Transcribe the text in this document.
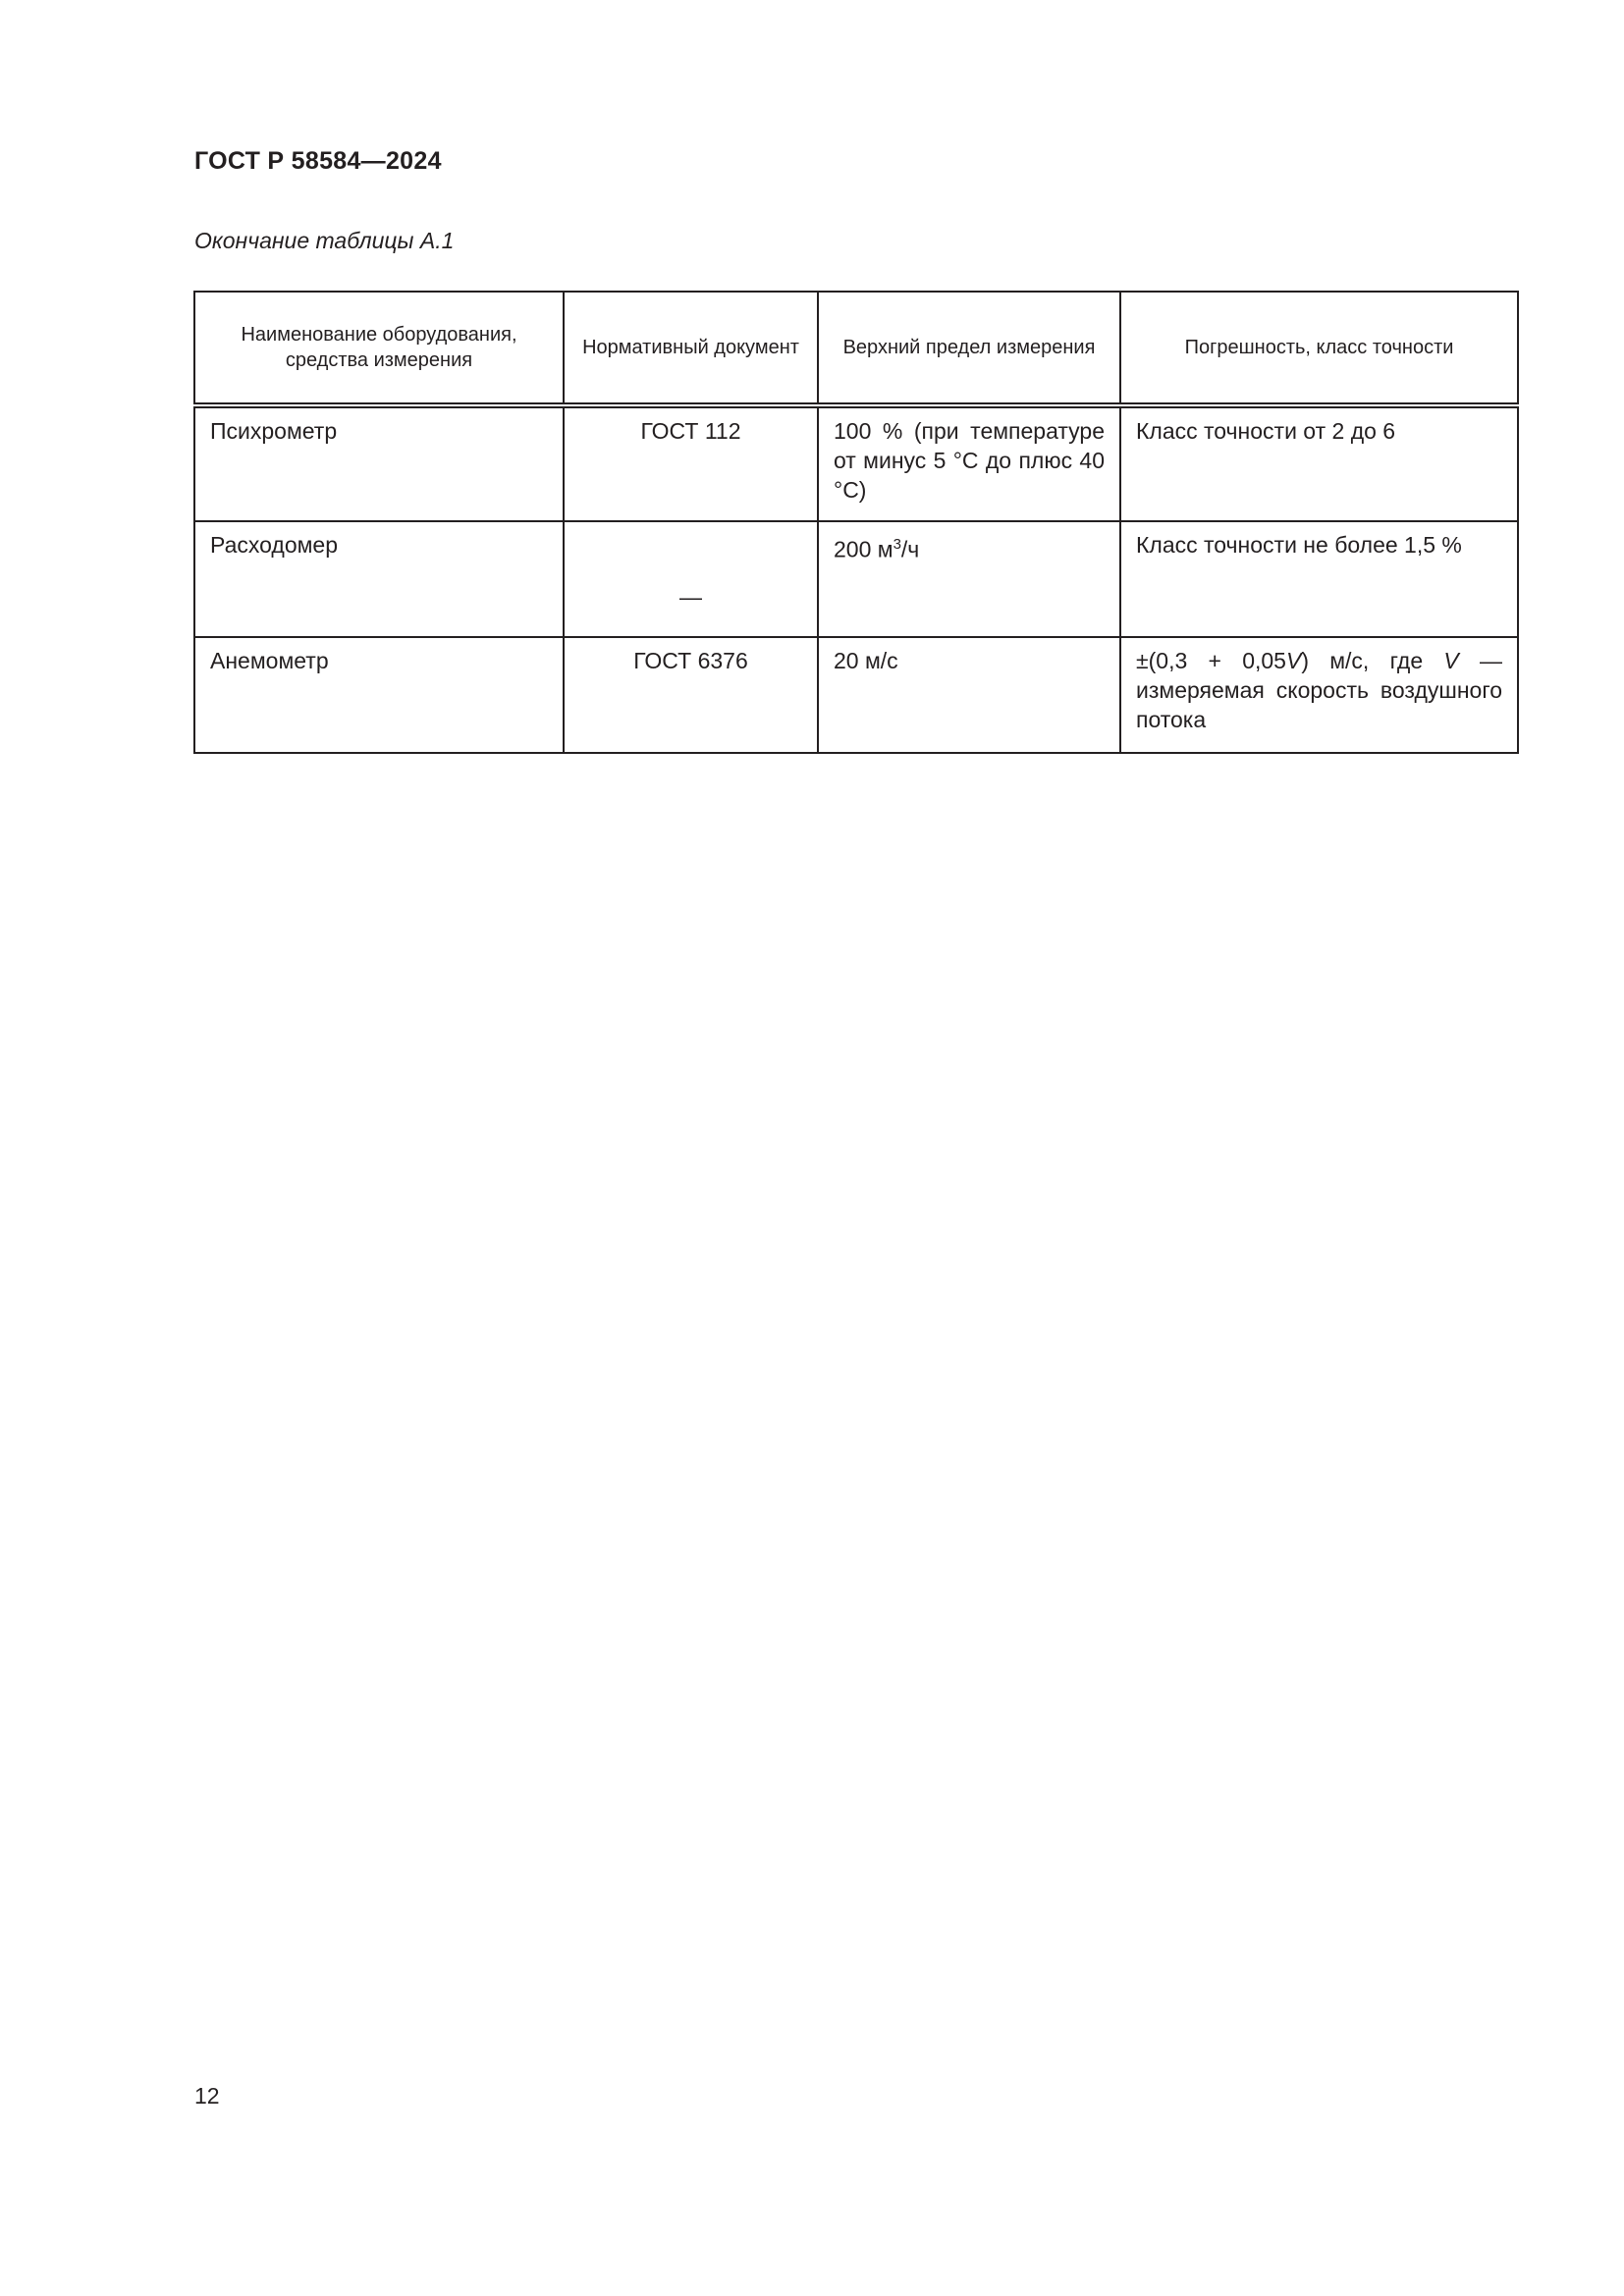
ГОСТ Р 58584—2024
Окончание таблицы А.1
Наименование оборудования, средства измерения	Нормативный документ	Верхний предел измерения	Погрешность, класс точности
Психрометр	ГОСТ 112	100 % (при температуре от минус 5 °С до плюс 40 °С)	Класс точности от 2 до 6
Расходомер	—	200 $м^3/ч$	Класс точности не более 1,5 %
Анемометр	ГОСТ 6376	20 м/с	±(0,3 + 0,05V) м/с, где V — измеряемая скорость воздушного потока
12
